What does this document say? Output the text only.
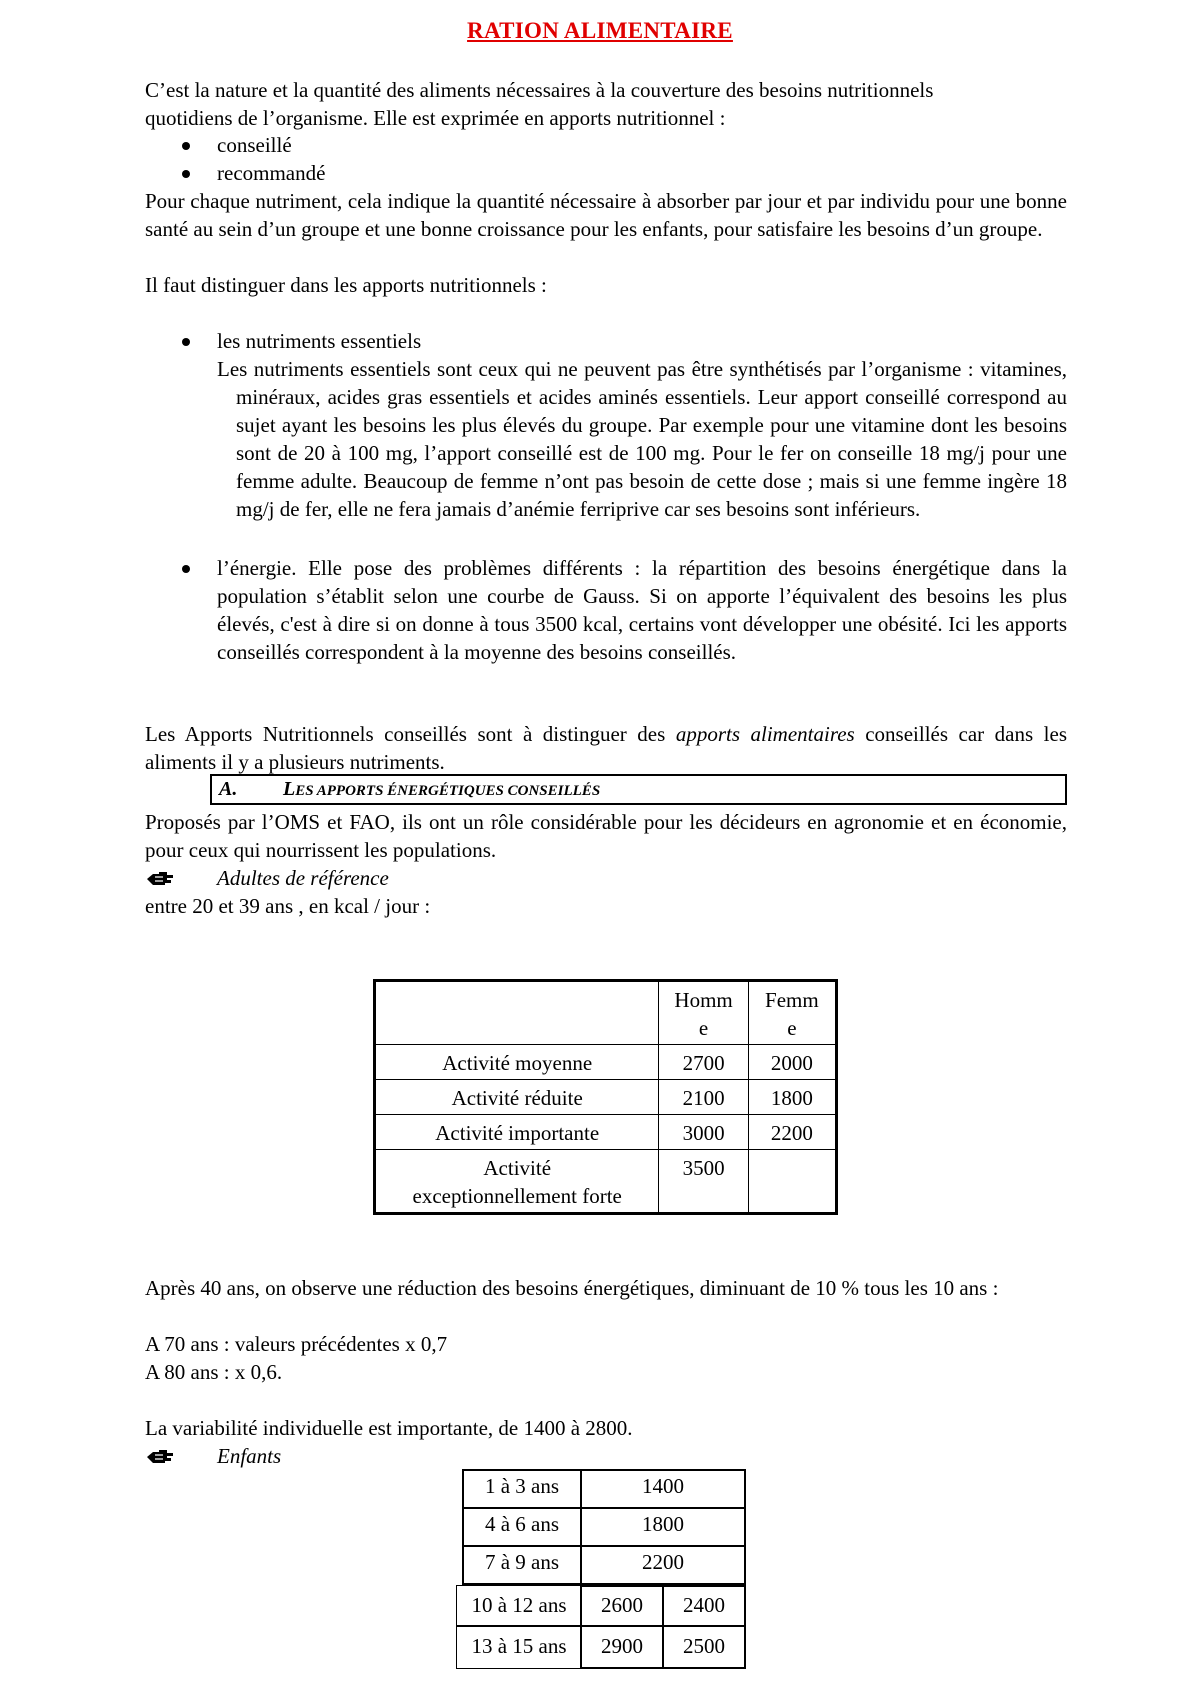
RATION ALIMENTAIRE
C’est la nature et la quantité des aliments nécessaires à la couverture des besoins nutritionnels
quotidiens de l’organisme. Elle est exprimée en apports nutritionnel :
conseillé
recommandé

Pour chaque nutriment, cela indique la quantité nécessaire à absorber par jour et par individu pour une bonne santé au sein d’un groupe et une bonne croissance pour les enfants, pour satisfaire les besoins d’un groupe.

Il faut distinguer dans les apports nutritionnels :
les nutriments essentiels

Les nutriments essentiels sont ceux qui ne peuvent pas être synthétisés par l’organisme : vitamines, minéraux, acides gras essentiels et acides aminés essentiels. Leur apport conseillé correspond au sujet ayant les besoins les plus élevés du groupe. Par exemple pour une vitamine dont les besoins sont de 20 à 100 mg, l’apport conseillé est de 100 mg. Pour le fer on conseille 18 mg/j pour une femme adulte. Beaucoup de femme n’ont pas besoin de cette dose ; mais si une femme ingère 18 mg/j de fer, elle ne fera jamais d’anémie ferriprive car ses besoins sont inférieurs.

l’énergie. Elle pose des problèmes différents : la répartition des besoins énergétique dans la population s’établit selon une courbe de Gauss. Si on apporte l’équivalent des besoins les plus élevés, c'est à dire si on donne à tous 3500 kcal, certains vont développer une obésité. Ici les apports conseillés correspondent à la moyenne des besoins conseillés.

Les Apports Nutritionnels conseillés sont à distinguer des apports alimentaires conseillés car dans les aliments il y a plusieurs nutriments.

A. LES APPORTS ÉNERGÉTIQUES CONSEILLÉS

Proposés par l’OMS et FAO, ils ont un rôle considérable pour les décideurs en agronomie et en économie, pour ceux qui nourrissent les populations.

Adultes de référence
entre 20 et 39 ans , en kcal / jour :
	Homm
e	Femm
e
Activité moyenne	2700	2000
Activité réduite	2100	1800
Activité importante	3000	2200
Activité
exceptionnellement forte	3500	

Après 40 ans, on observe une réduction des besoins énergétiques, diminuant de 10 % tous les 10 ans :

A 70 ans : valeurs précédentes x 0,7
A 80 ans : x 0,6.
La variabilité individuelle est importante, de 1400 à 2800.
Enfants
1 à 3 ans	1400
4 à 6 ans	1800
7 à 9 ans	2200
10 à 12 ans	2600	2400
13 à 15 ans	2900	2500
